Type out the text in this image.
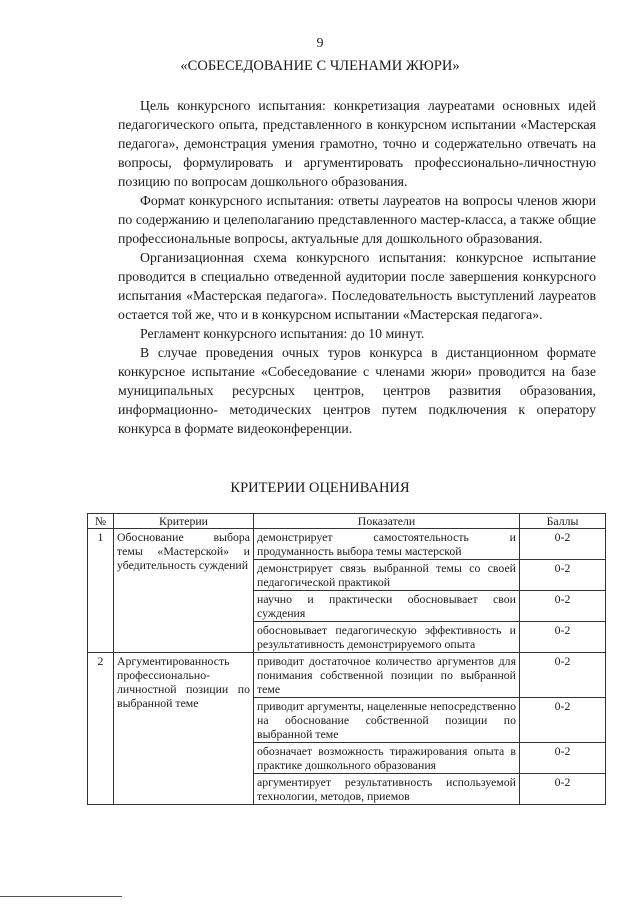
9
«СОБЕСЕДОВАНИЕ С ЧЛЕНАМИ ЖЮРИ»

Цель конкурсного испытания: конкретизация лауреатами основных идей педагогического опыта, представленного в конкурсном испытании «Мастерская педагога», демонстрация умения грамотно, точно и содержательно отвечать на вопросы, формулировать и аргументировать профессионально-личностную позицию по вопросам дошкольного образования.

Формат конкурсного испытания: ответы лауреатов на вопросы членов жюри по содержанию и целеполаганию представленного мастер-класса, а также общие профессиональные вопросы, актуальные для дошкольного образования.

Организационная схема конкурсного испытания: конкурсное испытание проводится в специально отведенной аудитории после завершения конкурсного испытания «Мастерская педагога». Последовательность выступлений лауреатов остается той же, что и в конкурсном испытании «Мастерская педагога».

Регламент конкурсного испытания: до 10 минут.

В случае проведения очных туров конкурса в дистанционном формате конкурсное испытание «Собеседование с членами жюри» проводится на базе муниципальных ресурсных центров, центров развития образования, информационно- методических центров путем подключения к оператору конкурса в формате видеоконференции.

КРИТЕРИИ ОЦЕНИВАНИЯ
№	Критерии	Показатели	Баллы
1	Обоснование выбора темы «Мастерской» и убедительность суждений	демонстрирует самостоятельность и продуманность выбора темы мастерской	0-2
		демонстрирует связь выбранной темы со своей педагогической практикой	0-2
		научно и практически обосновывает свои суждения	0-2
		обосновывает педагогическую эффективность и результативность демонстрируемого опыта	0-2
2	Аргументированность профессионально-личностной позиции по выбранной теме	приводит достаточное количество аргументов для понимания собственной позиции по выбранной теме	0-2
		приводит аргументы, нацеленные непосредственно на обоснование собственной позиции по выбранной теме	0-2
		обозначает возможность тиражирования опыта в практике дошкольного образования	0-2
		аргументирует результативность используемой технологии, методов, приемов	0-2
